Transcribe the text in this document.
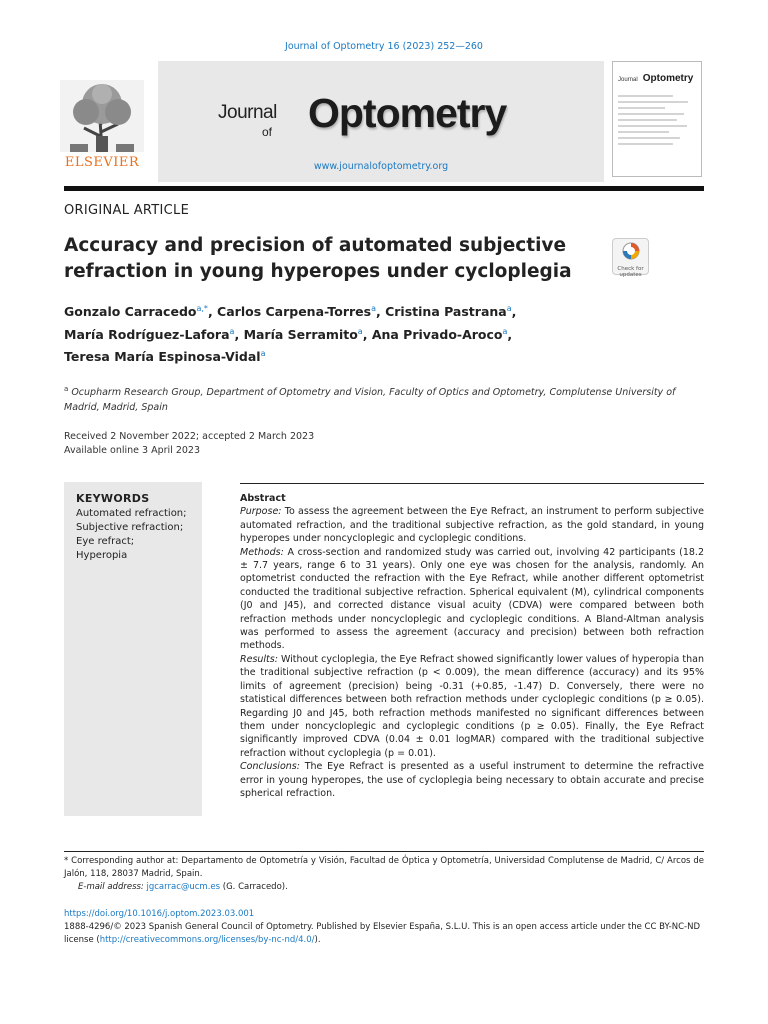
Journal of Optometry 16 (2023) 252—260
ELSEVIER
Journal
of Optometry
www.journalofoptometry.org
Journal Optometry
ORIGINAL ARTICLE
Accuracy and precision of automated subjective refraction in young hyperopes under cycloplegia	Check for updates
Gonzalo Carracedo$^{a,*}$, Carlos Carpena-Torres$^a$, Cristina Pastrana$^a$,
María Rodríguez-Lafora$^a$, María Serramito$^a$, Ana Privado-Aroco$^a$,
Teresa María Espinosa-Vidal$^a$
$^a$ Ocupharm Research Group, Department of Optometry and Vision, Faculty of Optics and Optometry, Complutense University of Madrid, Madrid, Spain
Received 2 November 2022; accepted 2 March 2023
Available online 3 April 2023
KEYWORDS
Automated refraction;
Subjective refraction;
Eye refract;
Hyperopia
Abstract
Purpose: To assess the agreement between the Eye Refract, an instrument to perform subjective automated refraction, and the traditional subjective refraction, as the gold standard, in young hyperopes under noncycloplegic and cycloplegic conditions.
Methods: A cross-section and randomized study was carried out, involving 42 participants (18.2 ± 7.7 years, range 6 to 31 years). Only one eye was chosen for the analysis, randomly. An optometrist conducted the refraction with the Eye Refract, while another different optometrist conducted the traditional subjective refraction. Spherical equivalent (M), cylindrical components (J0 and J45), and corrected distance visual acuity (CDVA) were compared between both refraction methods under noncycloplegic and cycloplegic conditions. A Bland-Altman analysis was performed to assess the agreement (accuracy and precision) between both refraction methods.
Results: Without cycloplegia, the Eye Refract showed significantly lower values of hyperopia than the traditional subjective refraction (p < 0.009), the mean difference (accuracy) and its 95% limits of agreement (precision) being -0.31 (+0.85, -1.47) D. Conversely, there were no statistical differences between both refraction methods under cycloplegic conditions (p ≥ 0.05). Regarding J0 and J45, both refraction methods manifested no significant differences between them under noncycloplegic and cycloplegic conditions (p ≥ 0.05). Finally, the Eye Refract significantly improved CDVA (0.04 ± 0.01 logMAR) compared with the traditional subjective refraction without cycloplegia (p = 0.01).
Conclusions: The Eye Refract is presented as a useful instrument to determine the refractive error in young hyperopes, the use of cycloplegia being necessary to obtain accurate and precise spherical refraction.
* Corresponding author at: Departamento de Optometría y Visión, Facultad de Óptica y Optometría, Universidad Complutense de Madrid, C/ Arcos de Jalón, 118, 28037 Madrid, Spain.
E-mail address: jgcarrac@ucm.es (G. Carracedo).
https://doi.org/10.1016/j.optom.2023.03.001
1888-4296/© 2023 Spanish General Council of Optometry. Published by Elsevier España, S.L.U. This is an open access article under the CC BY-NC-ND license (http://creativecommons.org/licenses/by-nc-nd/4.0/).
